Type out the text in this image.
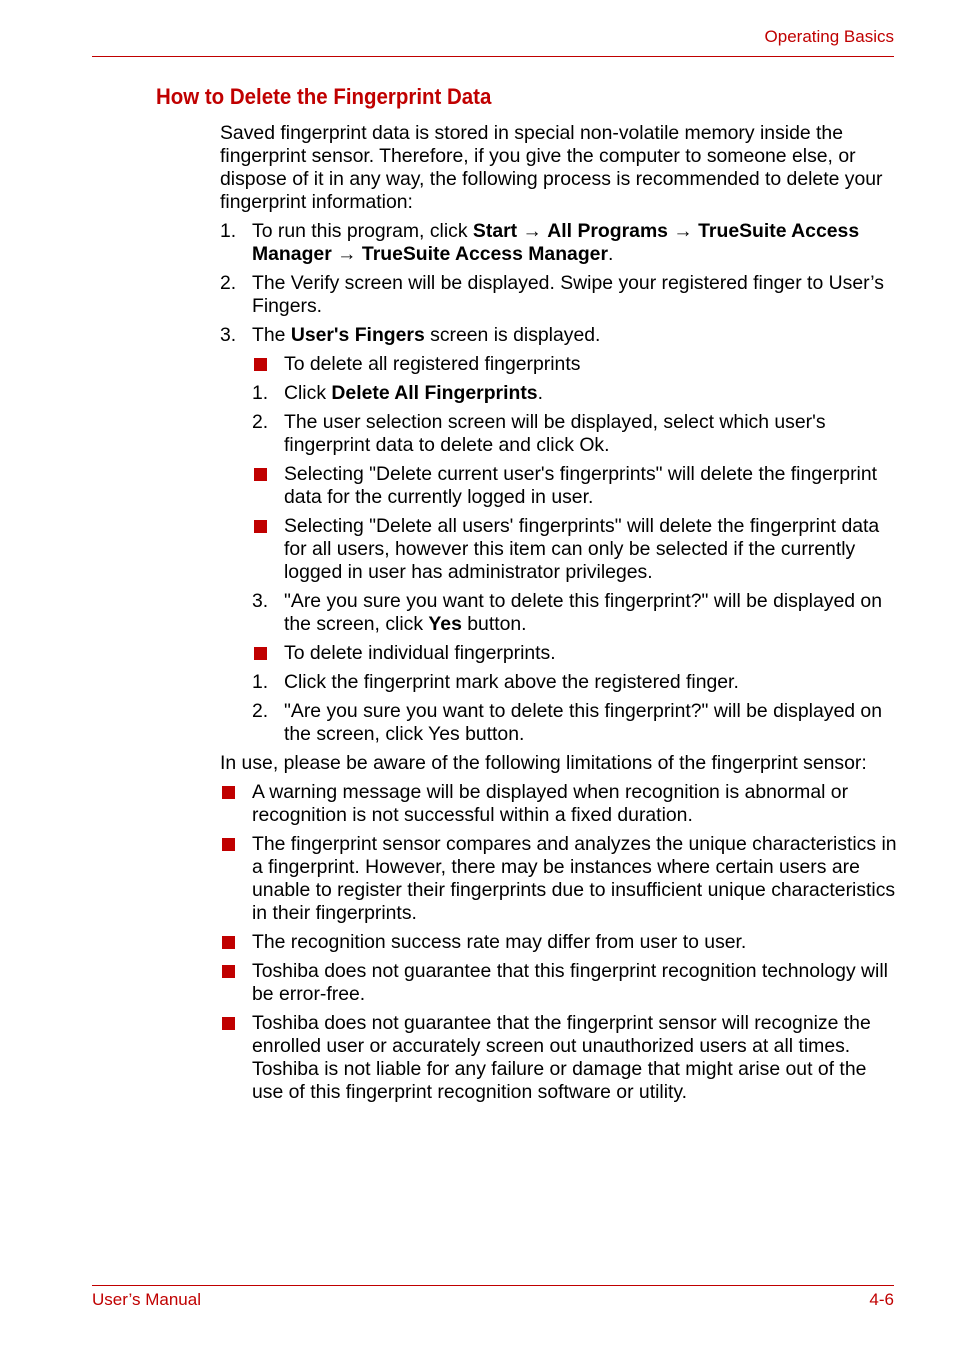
Operating Basics
How to Delete the Fingerprint Data

Saved fingerprint data is stored in special non-volatile memory inside the fingerprint sensor. Therefore, if you give the computer to someone else, or dispose of it in any way, the following process is recommended to delete your fingerprint information:

1. To run this program, click Start → All Programs → TrueSuite Access Manager → TrueSuite Access Manager.
2. The Verify screen will be displayed. Swipe your registered finger to User’s Fingers.
3. The User's Fingers screen is displayed.
To delete all registered fingerprints
1. Click Delete All Fingerprints.
2. The user selection screen will be displayed, select which user's fingerprint data to delete and click Ok.
Selecting "Delete current user's fingerprints" will delete the fingerprint data for the currently logged in user.
Selecting "Delete all users' fingerprints" will delete the fingerprint data for all users, however this item can only be selected if the currently logged in user has administrator privileges.
3. "Are you sure you want to delete this fingerprint?" will be displayed on the screen, click Yes button.
To delete individual fingerprints.
1. Click the fingerprint mark above the registered finger.
2. "Are you sure you want to delete this fingerprint?" will be displayed on the screen, click Yes button.

In use, please be aware of the following limitations of the fingerprint sensor:

A warning message will be displayed when recognition is abnormal or recognition is not successful within a fixed duration.
The fingerprint sensor compares and analyzes the unique characteristics in a fingerprint. However, there may be instances where certain users are unable to register their fingerprints due to insufficient unique characteristics in their fingerprints.
The recognition success rate may differ from user to user.
Toshiba does not guarantee that this fingerprint recognition technology will be error-free.
Toshiba does not guarantee that the fingerprint sensor will recognize the enrolled user or accurately screen out unauthorized users at all times. Toshiba is not liable for any failure or damage that might arise out of the use of this fingerprint recognition software or utility.
User’s Manual	4-6
